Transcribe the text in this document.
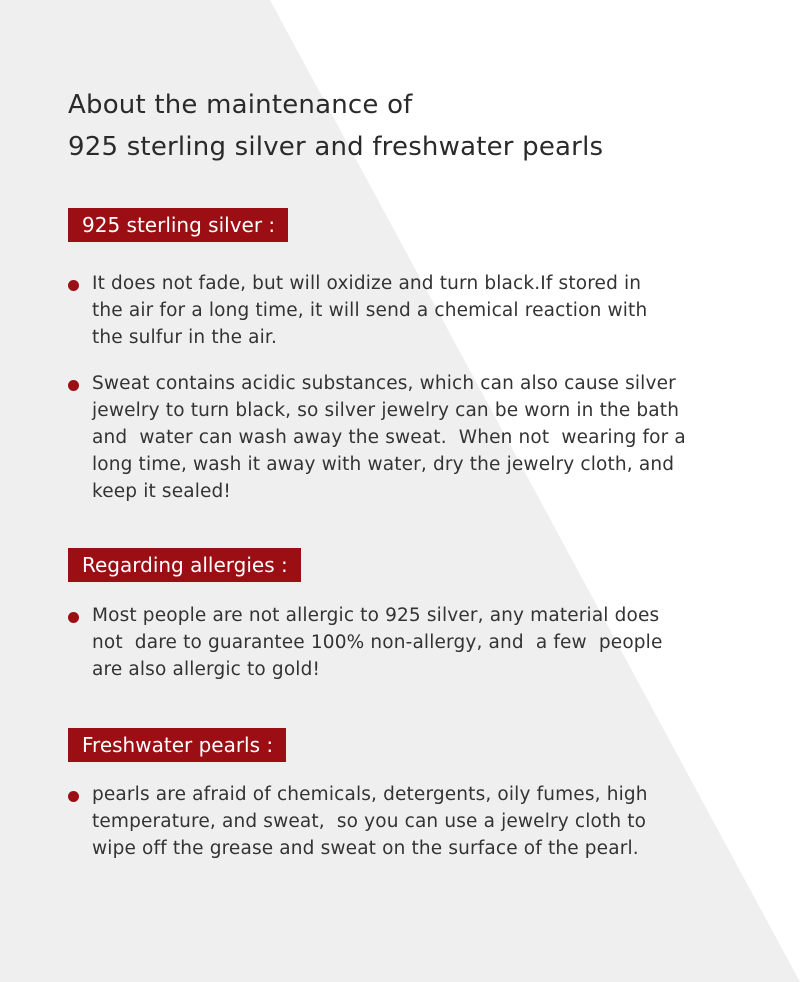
About the maintenance of
925 sterling silver and freshwater pearls
925 sterling silver :

It does not fade, but will oxidize and turn black.If stored in
the air for a long time, it will send a chemical reaction with
the sulfur in the air.

Sweat contains acidic substances, which can also cause silver
jewelry to turn black, so silver jewelry can be worn in the bath
and  water can wash away the sweat.  When not  wearing for a
long time, wash it away with water, dry the jewelry cloth, and
keep it sealed!

Regarding allergies :

Most people are not allergic to 925 silver, any material does
not  dare to guarantee 100% non-allergy, and  a few  people
are also allergic to gold!

Freshwater pearls :

pearls are afraid of chemicals, detergents, oily fumes, high
temperature, and sweat,  so you can use a jewelry cloth to
wipe off the grease and sweat on the surface of the pearl.
